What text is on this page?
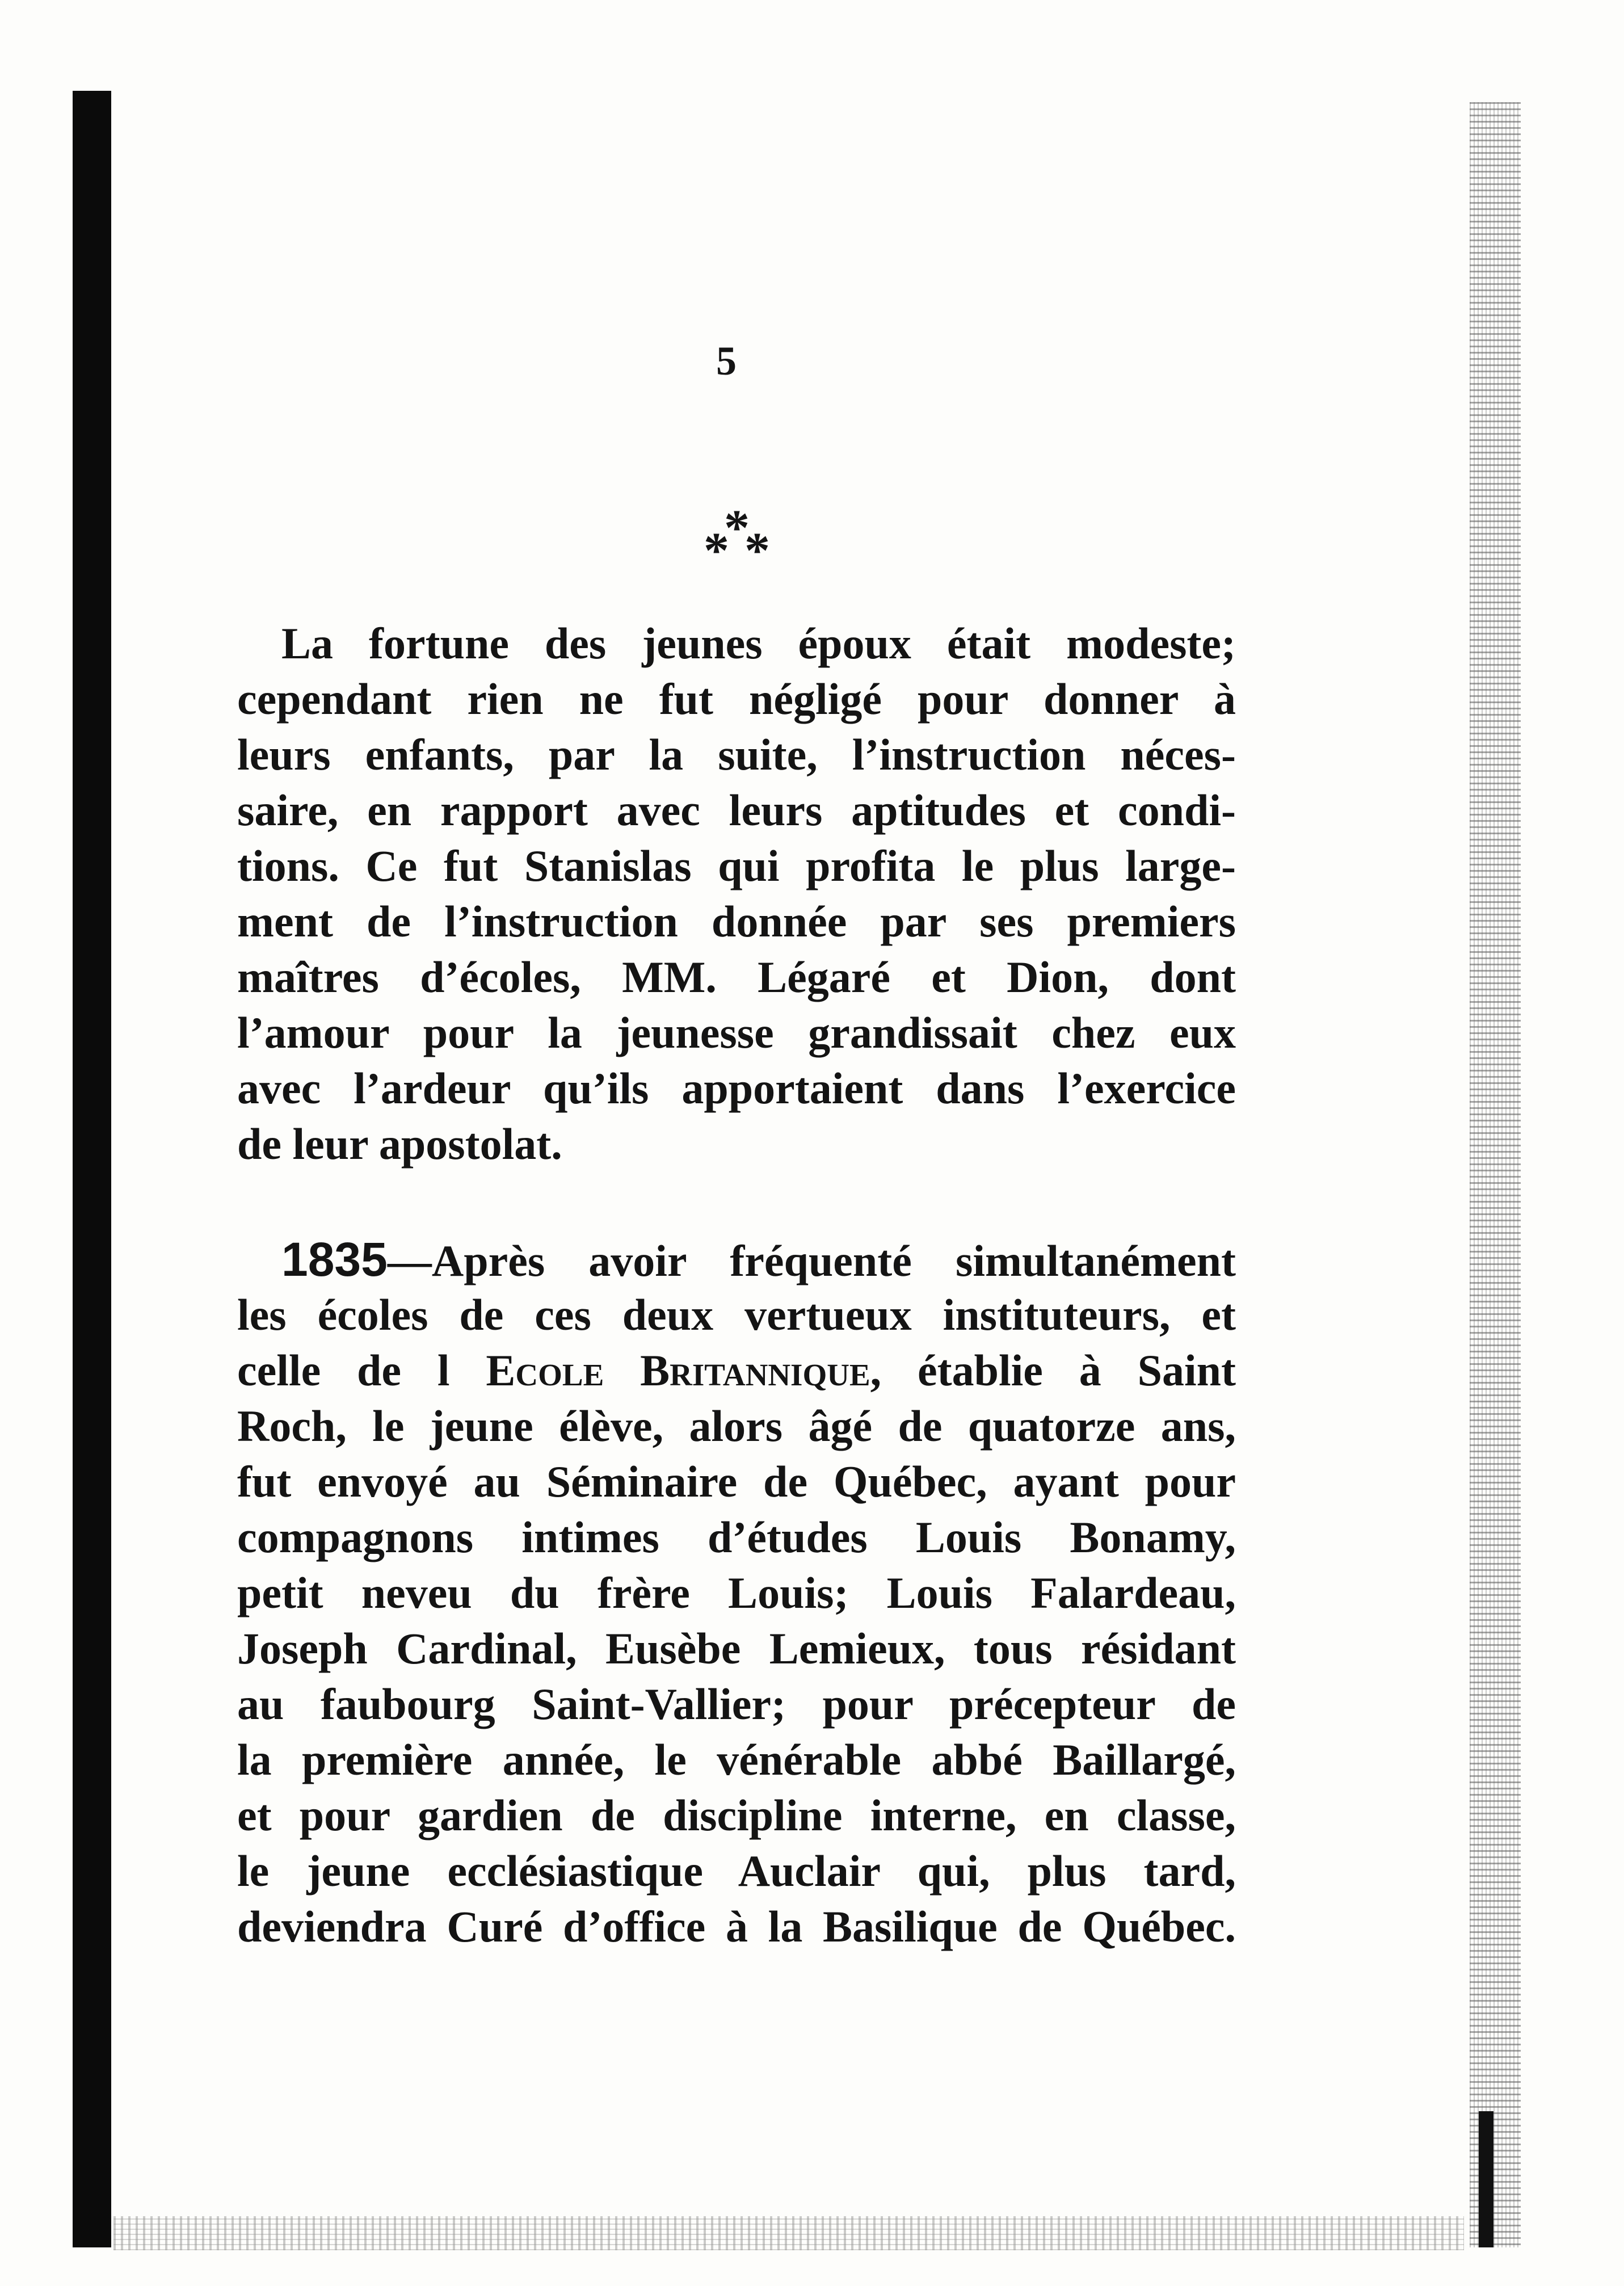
5
*
*
*
La fortune des jeunes époux était modeste;
cependant rien ne fut négligé pour donner à
leurs enfants, par la suite, l’instruction néces-
saire, en rapport avec leurs aptitudes et condi-
tions. Ce fut Stanislas qui profita le plus large-
ment de l’instruction donnée par ses premiers
maîtres d’écoles, MM. Légaré et Dion, dont
l’amour pour la jeunesse grandissait chez eux
avec l’ardeur qu’ils apportaient dans l’exercice
de leur apostolat.
1835—Après avoir fréquenté simultanément
les écoles de ces deux vertueux instituteurs, et
celle de l Ecole Britannique, établie à Saint
Roch, le jeune élève, alors âgé de quatorze ans,
fut envoyé au Séminaire de Québec, ayant pour
compagnons intimes d’études Louis Bonamy,
petit neveu du frère Louis; Louis Falardeau,
Joseph Cardinal, Eusèbe Lemieux, tous résidant
au faubourg Saint-Vallier; pour précepteur de
la première année, le vénérable abbé Baillargé,
et pour gardien de discipline interne, en classe,
le jeune ecclésiastique Auclair qui, plus tard,
deviendra Curé d’office à la Basilique de Québec.
